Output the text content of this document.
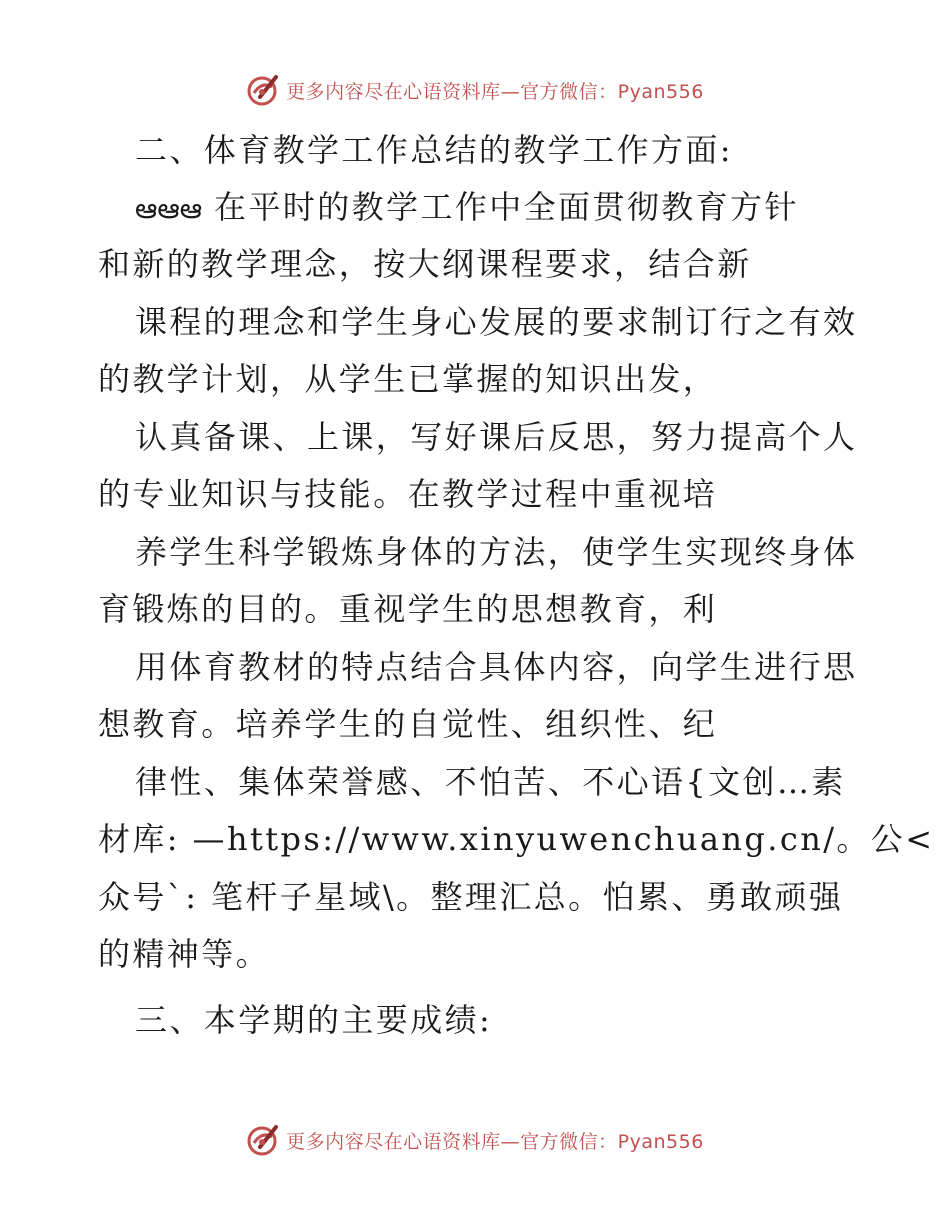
更多内容尽在心语资料库—官方微信：Pyan556
二、体育教学工作总结的教学工作方面:
ఆఆఆ 在平时的教学工作中全面贯彻教育方针
和新的教学理念，按大纲课程要求，结合新
课程的理念和学生身心发展的要求制订行之有效
的教学计划，从学生已掌握的知识出发，
认真备课、上课，写好课后反思，努力提高个人
的专业知识与技能。在教学过程中重视培
养学生科学锻炼身体的方法，使学生实现终身体
育锻炼的目的。重视学生的思想教育，利
用体育教材的特点结合具体内容，向学生进行思
想教育。培养学生的自觉性、组织性、纪
律性、集体荣誉感、不怕苦、不心语{文创…素
材库: —https://www.xinyuwenchuang.cn/。公<
众号`: 笔杆子星域\。整理汇总。怕累、勇敢顽强
的精神等。
三、本学期的主要成绩:
更多内容尽在心语资料库—官方微信：Pyan556
